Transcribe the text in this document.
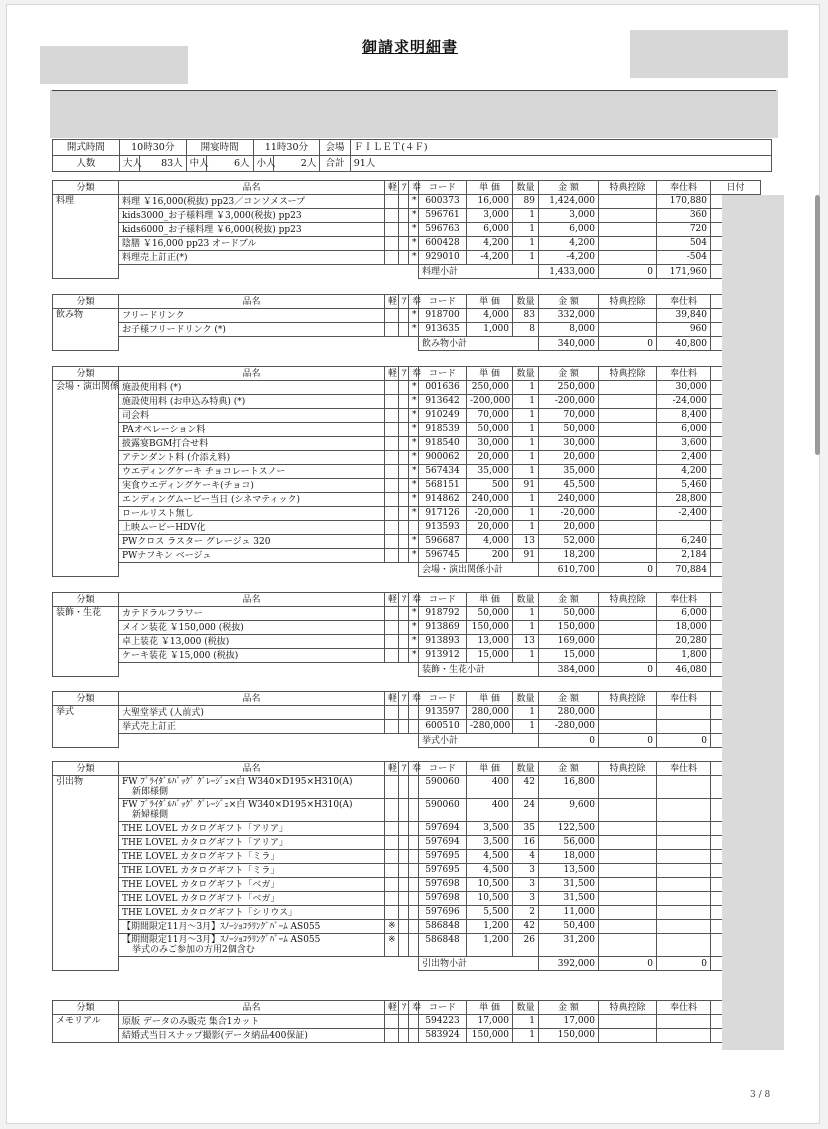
御請求明細書
開式時間	10時30分		開宴時間		11時30分		会場	ＦＩＬＥＴ(４Ｆ)
人数	大人	83人	中人	6人	小人	2人	合計	91人
分類	品名	軽	ｱ	奉	コード	単 価	数量	金 額	特典控除	奉仕料	日付
料理	料理 ￥16,000(税抜) pp23／コンソメスープ			*	600373	16,000	89	1,424,000		170,880	

	kids3000_お子様料理 ￥3,000(税抜) pp23			*	596761	3,000	1	3,000		360	

	kids6000_お子様料理 ￥6,000(税抜) pp23			*	596763	6,000	1	6,000		720	

	陰膳 ￥16,000 pp23 オードブル			*	600428	4,200	1	4,200		504	

	料理売上訂正(*)			*	929010	-4,200	1	-4,200		-504	
					料理小計			1,433,000	0	171,960	
分類	品名	軽	ｱ	奉	コード	単 価	数量	金 額	特典控除	奉仕料	
飲み物	フリードリンク			*	918700	4,000	83	332,000		39,840	

	お子様フリードリンク (*)			*	913635	1,000	8	8,000		960	
					飲み物小計			340,000	0	40,800	
分類	品名	軽	ｱ	奉	コード	単 価	数量	金 額	特典控除	奉仕料	
会場・演出関係	施設使用料 (*)			*	001636	250,000	1	250,000		30,000	

	施設使用料 (お申込み特典) (*)			*	913642	-200,000	1	-200,000		-24,000	

	司会料			*	910249	70,000	1	70,000		8,400	

	PAオペレーション料			*	918539	50,000	1	50,000		6,000	

	披露宴BGM打合せ料			*	918540	30,000	1	30,000		3,600	

	アテンダント料 (介添え料)			*	900062	20,000	1	20,000		2,400	

	ウエディングケーキ チョコレートスノー			*	567434	35,000	1	35,000		4,200	

	実食ウエディングケーキ(チョコ)			*	568151	500	91	45,500		5,460	

	エンディングムービー当日 (シネマティック)			*	914862	240,000	1	240,000		28,800	

	ロールリスト無し			*	917126	-20,000	1	-20,000		-2,400	

	上映ムービーHDV化				913593	20,000	1	20,000			

	PWクロス ラスター グレージュ 320			*	596687	4,000	13	52,000		6,240	

	PWナフキン ベージュ			*	596745	200	91	18,200		2,184	
					会場・演出関係小計			610,700	0	70,884	
分類	品名	軽	ｱ	奉	コード	単 価	数量	金 額	特典控除	奉仕料	
装飾・生花	カテドラルフラワー			*	918792	50,000	1	50,000		6,000	

	メイン装花 ￥150,000 (税抜)			*	913869	150,000	1	150,000		18,000	

	卓上装花 ￥13,000 (税抜)			*	913893	13,000	13	169,000		20,280	

	ケーキ装花 ￥15,000 (税抜)			*	913912	15,000	1	15,000		1,800	
					装飾・生花小計			384,000	0	46,080	
分類	品名	軽	ｱ	奉	コード	単 価	数量	金 額	特典控除	奉仕料	
挙式	大聖堂挙式 (人前式)				913597	280,000	1	280,000			

	挙式売上訂正				600510	-280,000	1	-280,000			
					挙式小計			0	0	0	
分類	品名	軽	ｱ	奉	コード	単 価	数量	金 額	特典控除	奉仕料	
引出物	FW ﾌﾞﾗｲﾀﾞﾙﾊﾞｯｸﾞ ｸﾞﾚｰｼﾞｭ×白 W340×D195×H310(A)
新郎様側				590060	400	42	16,800			

	FW ﾌﾞﾗｲﾀﾞﾙﾊﾞｯｸﾞ ｸﾞﾚｰｼﾞｭ×白 W340×D195×H310(A)
新婦様側				590060	400	24	9,600			

	THE LOVEL カタログギフト「アリア」				597694	3,500	35	122,500			

	THE LOVEL カタログギフト「アリア」				597694	3,500	16	56,000			

	THE LOVEL カタログギフト「ミラ」				597695	4,500	4	18,000			

	THE LOVEL カタログギフト「ミラ」				597695	4,500	3	13,500			

	THE LOVEL カタログギフト「ベガ」				597698	10,500	3	31,500			

	THE LOVEL カタログギフト「ベガ」				597698	10,500	3	31,500			

	THE LOVEL カタログギフト「シリウス」				597696	5,500	2	11,000			

	【期間限定11月～3月】ｽﾉｰｼｮｺﾗﾘﾝｸﾞﾊﾞｰﾑ AS055	※			586848	1,200	42	50,400			

	【期間限定11月～3月】ｽﾉｰｼｮｺﾗﾘﾝｸﾞﾊﾞｰﾑ AS055
挙式のみご参加の方用2個含む	※			586848	1,200	26	31,200			
					引出物小計			392,000	0	0	
分類	品名	軽	ｱ	奉	コード	単 価	数量	金 額	特典控除	奉仕料	
メモリアル	原版 データのみ販売 集合1カット				594223	17,000	1	17,000			

	結婚式当日スナップ撮影(データ納品400保証)				583924	150,000	1	150,000			
3 / 8
